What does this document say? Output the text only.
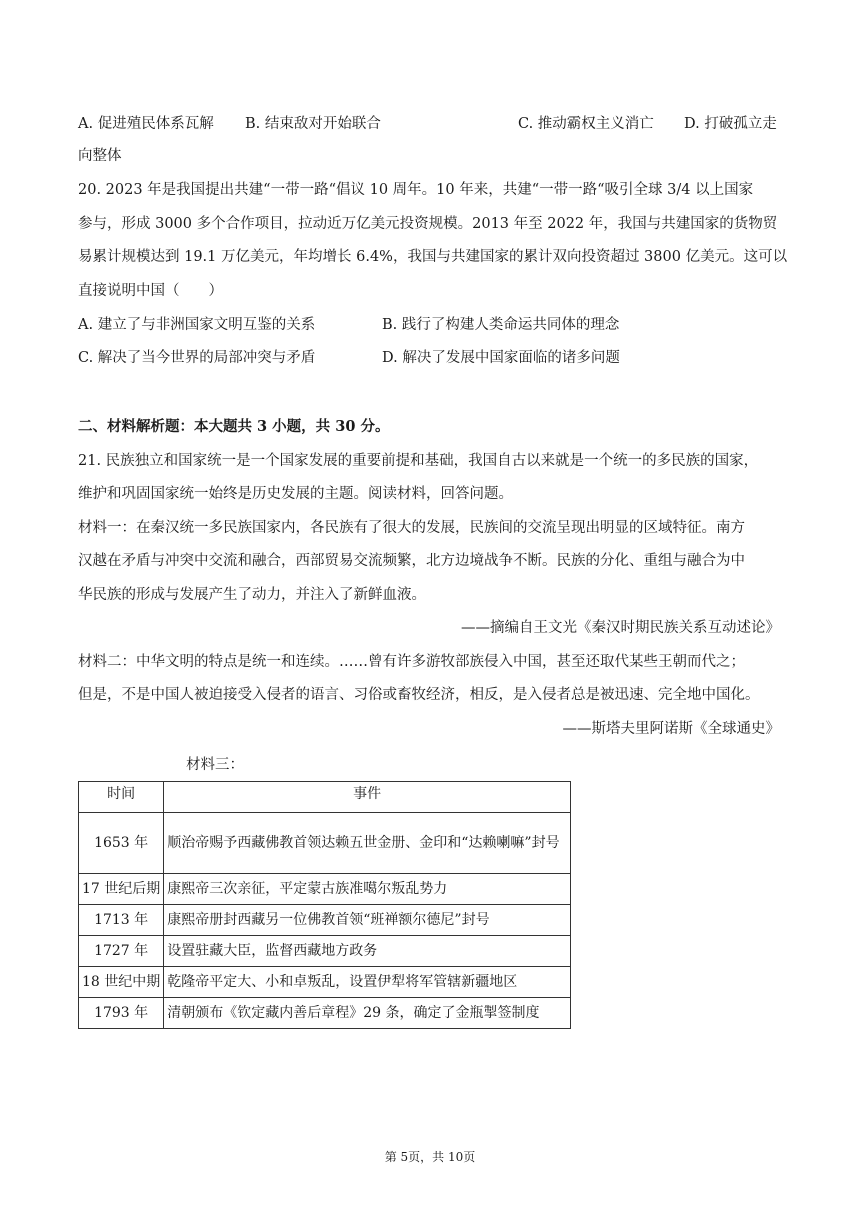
A. 促进殖民体系瓦解 B. 结束敌对开始联合	C. 推动霸权主义消亡 D. 打破孤立走
向整体
20. 2023 年是我国提出共建“一带一路“倡议 10 周年。10 年来，共建“一带一路“吸引全球 3/4 以上国家
参与，形成 3000 多个合作项目，拉动近万亿美元投资规模。2013 年至 2022 年，我国与共建国家的货物贸
易累计规模达到 19.1 万亿美元，年均增长 6.4%，我国与共建国家的累计双向投资超过 3800 亿美元。这可以
直接说明中国（　　）
A. 建立了与非洲国家文明互鉴的关系	B. 践行了构建人类命运共同体的理念
C. 解决了当今世界的局部冲突与矛盾	D. 解决了发展中国家面临的诸多问题
二、材料解析题：本大题共 3 小题，共 30 分。
21. 民族独立和国家统一是一个国家发展的重要前提和基础，我国自古以来就是一个统一的多民族的国家，
维护和巩固国家统一始终是历史发展的主题。阅读材料，回答问题。
材料一：在秦汉统一多民族国家内，各民族有了很大的发展，民族间的交流呈现出明显的区域特征。南方
汉越在矛盾与冲突中交流和融合，西部贸易交流频繁，北方边境战争不断。民族的分化、重组与融合为中
华民族的形成与发展产生了动力，并注入了新鲜血液。
——摘编自王文光《秦汉时期民族关系互动述论》
材料二：中华文明的特点是统一和连续。……曾有许多游牧部族侵入中国，甚至还取代某些王朝而代之；
但是，不是中国人被迫接受入侵者的语言、习俗或畜牧经济，相反，是入侵者总是被迅速、完全地中国化。
——斯塔夫里阿诺斯《全球通史》
材料三：
时间	事件
1653 年	顺治帝赐予西藏佛教首领达赖五世金册、金印和“达赖喇嘛”封号
17 世纪后期	康熙帝三次亲征，平定蒙古族准噶尔叛乱势力
1713 年	康熙帝册封西藏另一位佛教首领“班禅额尔德尼”封号
1727 年	设置驻藏大臣，监督西藏地方政务
18 世纪中期	乾隆帝平定大、小和卓叛乱，设置伊犁将军管辖新疆地区
1793 年	清朝颁布《钦定藏内善后章程》29 条，确定了金瓶掣签制度
第 5页，共 10页
